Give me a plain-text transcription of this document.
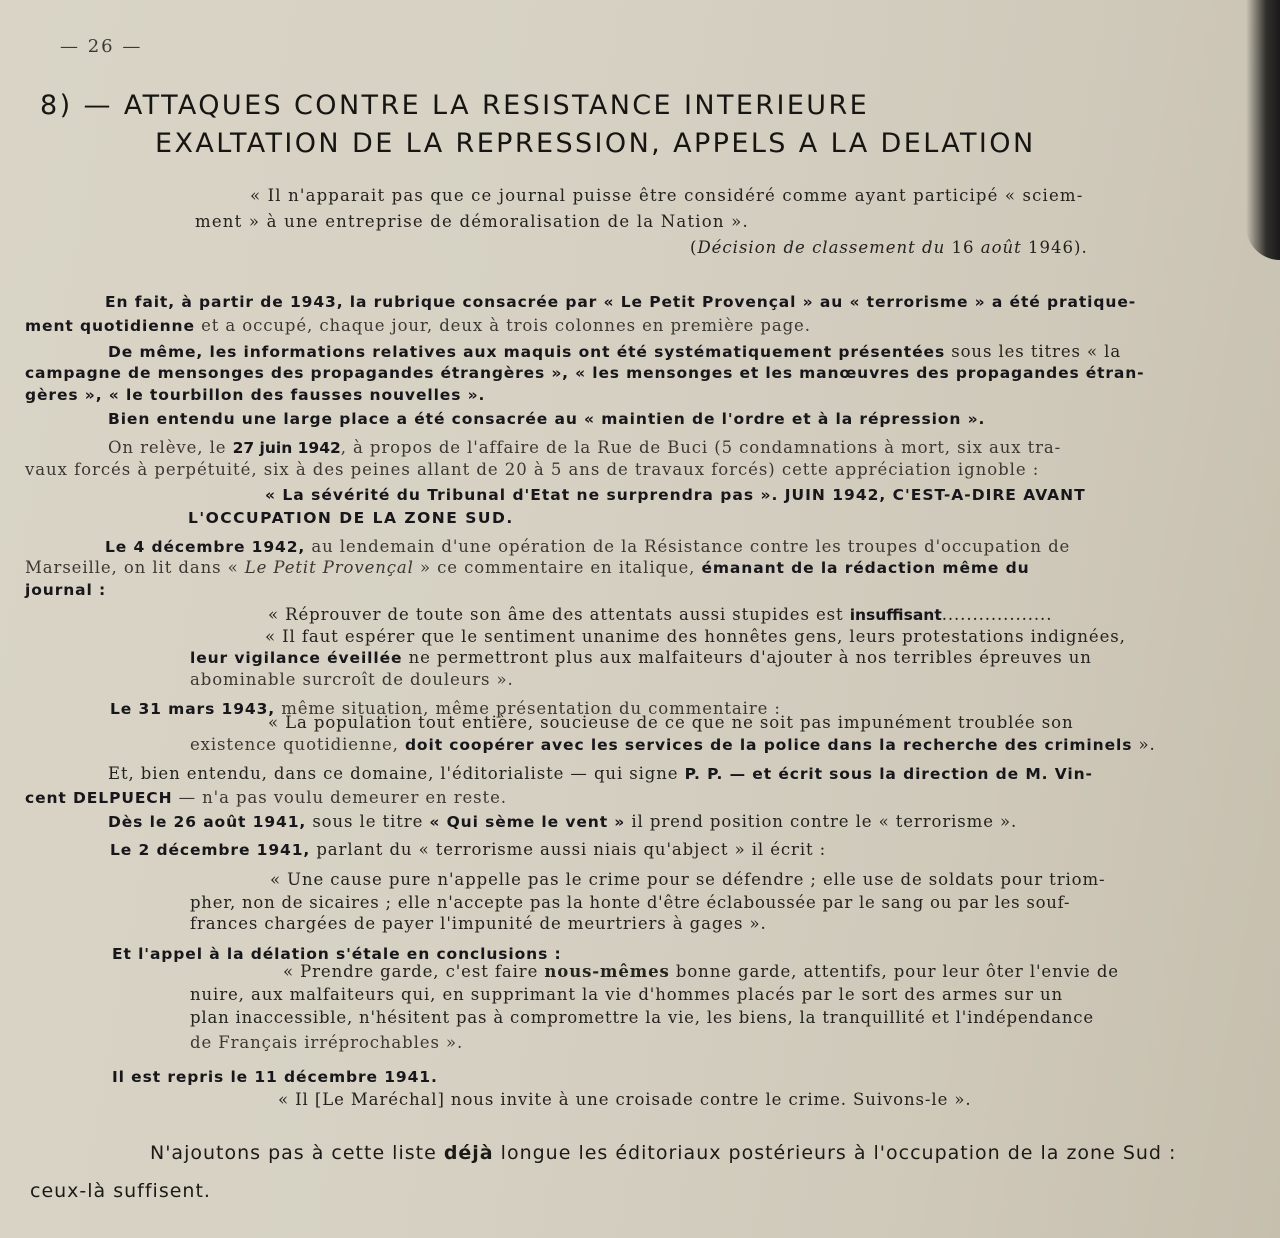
— 26 —
8) — ATTAQUES CONTRE LA RESISTANCE INTERIEURE
EXALTATION DE LA REPRESSION, APPELS A LA DELATION
« Il n'apparait pas que ce journal puisse être considéré comme ayant participé « sciem-
ment » à une entreprise de démoralisation de la Nation ».
(Décision de classement du 16 août 1946).
En fait, à partir de 1943, la rubrique consacrée par « Le Petit Provençal » au « terrorisme » a été pratique-
ment quotidienne et a occupé, chaque jour, deux à trois colonnes en première page.
De même, les informations relatives aux maquis ont été systématiquement présentées sous les titres « la
campagne de mensonges des propagandes étrangères », « les mensonges et les manœuvres des propagandes étran-
gères », « le tourbillon des fausses nouvelles ».
Bien entendu une large place a été consacrée au « maintien de l'ordre et à la répression ».
On relève, le 27 juin 1942, à propos de l'affaire de la Rue de Buci (5 condamnations à mort, six aux tra-
vaux forcés à perpétuité, six à des peines allant de 20 à 5 ans de travaux forcés) cette appréciation ignoble :
« La sévérité du Tribunal d'Etat ne surprendra pas ». JUIN 1942, C'EST-A-DIRE AVANT
L'OCCUPATION DE LA ZONE SUD.
Le 4 décembre 1942, au lendemain d'une opération de la Résistance contre les troupes d'occupation de
Marseille, on lit dans « Le Petit Provençal » ce commentaire en italique, émanant de la rédaction même du
journal :
« Réprouver de toute son âme des attentats aussi stupides est insuffisant..................
« Il faut espérer que le sentiment unanime des honnêtes gens, leurs protestations indignées,
leur vigilance éveillée ne permettront plus aux malfaiteurs d'ajouter à nos terribles épreuves un
abominable surcroît de douleurs ».
Le 31 mars 1943, même situation, même présentation du commentaire :
« La population tout entière, soucieuse de ce que ne soit pas impunément troublée son
existence quotidienne, doit coopérer avec les services de la police dans la recherche des criminels ».
Et, bien entendu, dans ce domaine, l'éditorialiste — qui signe P. P. — et écrit sous la direction de M. Vin-
cent DELPUECH — n'a pas voulu demeurer en reste.
Dès le 26 août 1941, sous le titre « Qui sème le vent » il prend position contre le « terrorisme ».
Le 2 décembre 1941, parlant du « terrorisme aussi niais qu'abject » il écrit :
« Une cause pure n'appelle pas le crime pour se défendre ; elle use de soldats pour triom-
pher, non de sicaires ; elle n'accepte pas la honte d'être éclaboussée par le sang ou par les souf-
frances chargées de payer l'impunité de meurtriers à gages ».
Et l'appel à la délation s'étale en conclusions :
« Prendre garde, c'est faire nous-mêmes bonne garde, attentifs, pour leur ôter l'envie de
nuire, aux malfaiteurs qui, en supprimant la vie d'hommes placés par le sort des armes sur un
plan inaccessible, n'hésitent pas à compromettre la vie, les biens, la tranquillité et l'indépendance
de Français irréprochables ».
Il est repris le 11 décembre 1941.
« Il [Le Maréchal] nous invite à une croisade contre le crime. Suivons-le ».
N'ajoutons pas à cette liste déjà longue les éditoriaux postérieurs à l'occupation de la zone Sud :
ceux-là suffisent.
